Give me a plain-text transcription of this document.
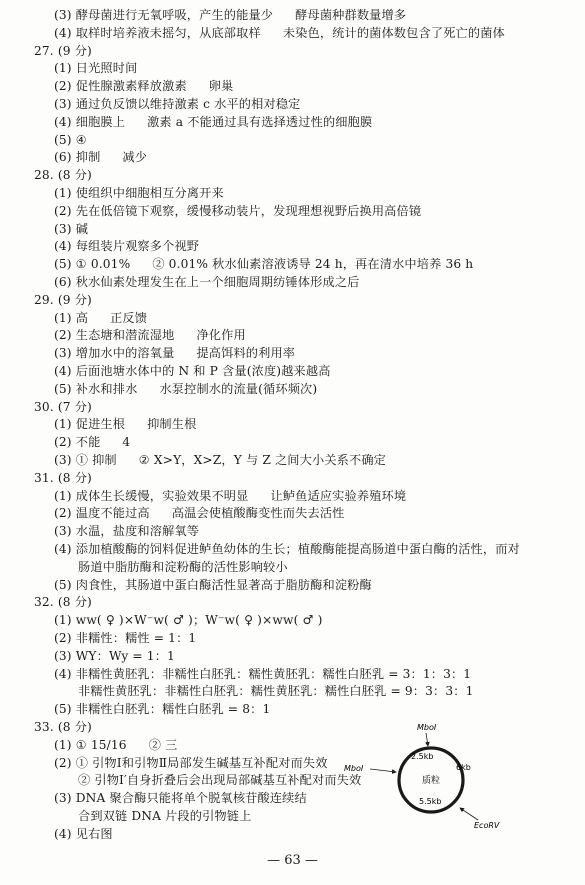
(3) 酵母菌进行无氧呼吸，产生的能量少 酵母菌种群数量增多
(4) 取样时培养液未摇匀，从底部取样 未染色，统计的菌体数包含了死亡的菌体
27. (9 分)
(1) 日光照时间
(2) 促性腺激素释放激素 卵巢
(3) 通过负反馈以维持激素 c 水平的相对稳定
(4) 细胞膜上 激素 a 不能通过具有选择透过性的细胞膜
(5) ④
(6) 抑制 减少
28. (8 分)
(1) 使组织中细胞相互分离开来
(2) 先在低倍镜下观察，缓慢移动装片，发现理想视野后换用高倍镜
(3) 碱
(4) 每组装片观察多个视野
(5) ① 0.01% ② 0.01% 秋水仙素溶液诱导 24 h，再在清水中培养 36 h
(6) 秋水仙素处理发生在上一个细胞周期纺锤体形成之后
29. (9 分)
(1) 高 正反馈
(2) 生态塘和潜流湿地 净化作用
(3) 增加水中的溶氧量 提高饵料的利用率
(4) 后面池塘水体中的 N 和 P 含量(浓度)越来越高
(5) 补水和排水 水泵控制水的流量(循环频次)
30. (7 分)
(1) 促进生根 抑制生根
(2) 不能 4
(3) ① 抑制 ② X>Y，X>Z，Y 与 Z 之间大小关系不确定
31. (8 分)
(1) 成体生长缓慢，实验效果不明显 让鲈鱼适应实验养殖环境
(2) 温度不能过高 高温会使植酸酶变性而失去活性
(3) 水温，盐度和溶解氧等
(4) 添加植酸酶的饲料促进鲈鱼幼体的生长；植酸酶能提高肠道中蛋白酶的活性，而对
肠道中脂肪酶和淀粉酶的活性影响较小
(5) 肉食性，其肠道中蛋白酶活性显著高于脂肪酶和淀粉酶
32. (8 分)
(1) ww( ♀ )×W⁻w( ♂ )；W⁻w( ♀ )×ww( ♂ )
(2) 非糯性：糯性 = 1：1
(3) WY：Wy = 1：1
(4) 非糯性黄胚乳：非糯性白胚乳：糯性黄胚乳：糯性白胚乳 = 3：1：3：1
非糯性黄胚乳：非糯性白胚乳：糯性黄胚乳：糯性白胚乳 = 9：3：3：1
(5) 非糯性白胚乳：糯性白胚乳 = 8：1
33. (8 分)
(1) ① 15/16 ② 三
(2) ① 引物Ⅰ和引物Ⅱ局部发生碱基互补配对而失效
② 引物Ⅰ′自身折叠后会出现局部碱基互补配对而失效
(3) DNA 聚合酶只能将单个脱氧核苷酸连续结
合到双链 DNA 片段的引物链上
(4) 见右图
质粒
MboI
MboI
EcoRV
2.5kb
6kb
5.5kb
— 63 —
